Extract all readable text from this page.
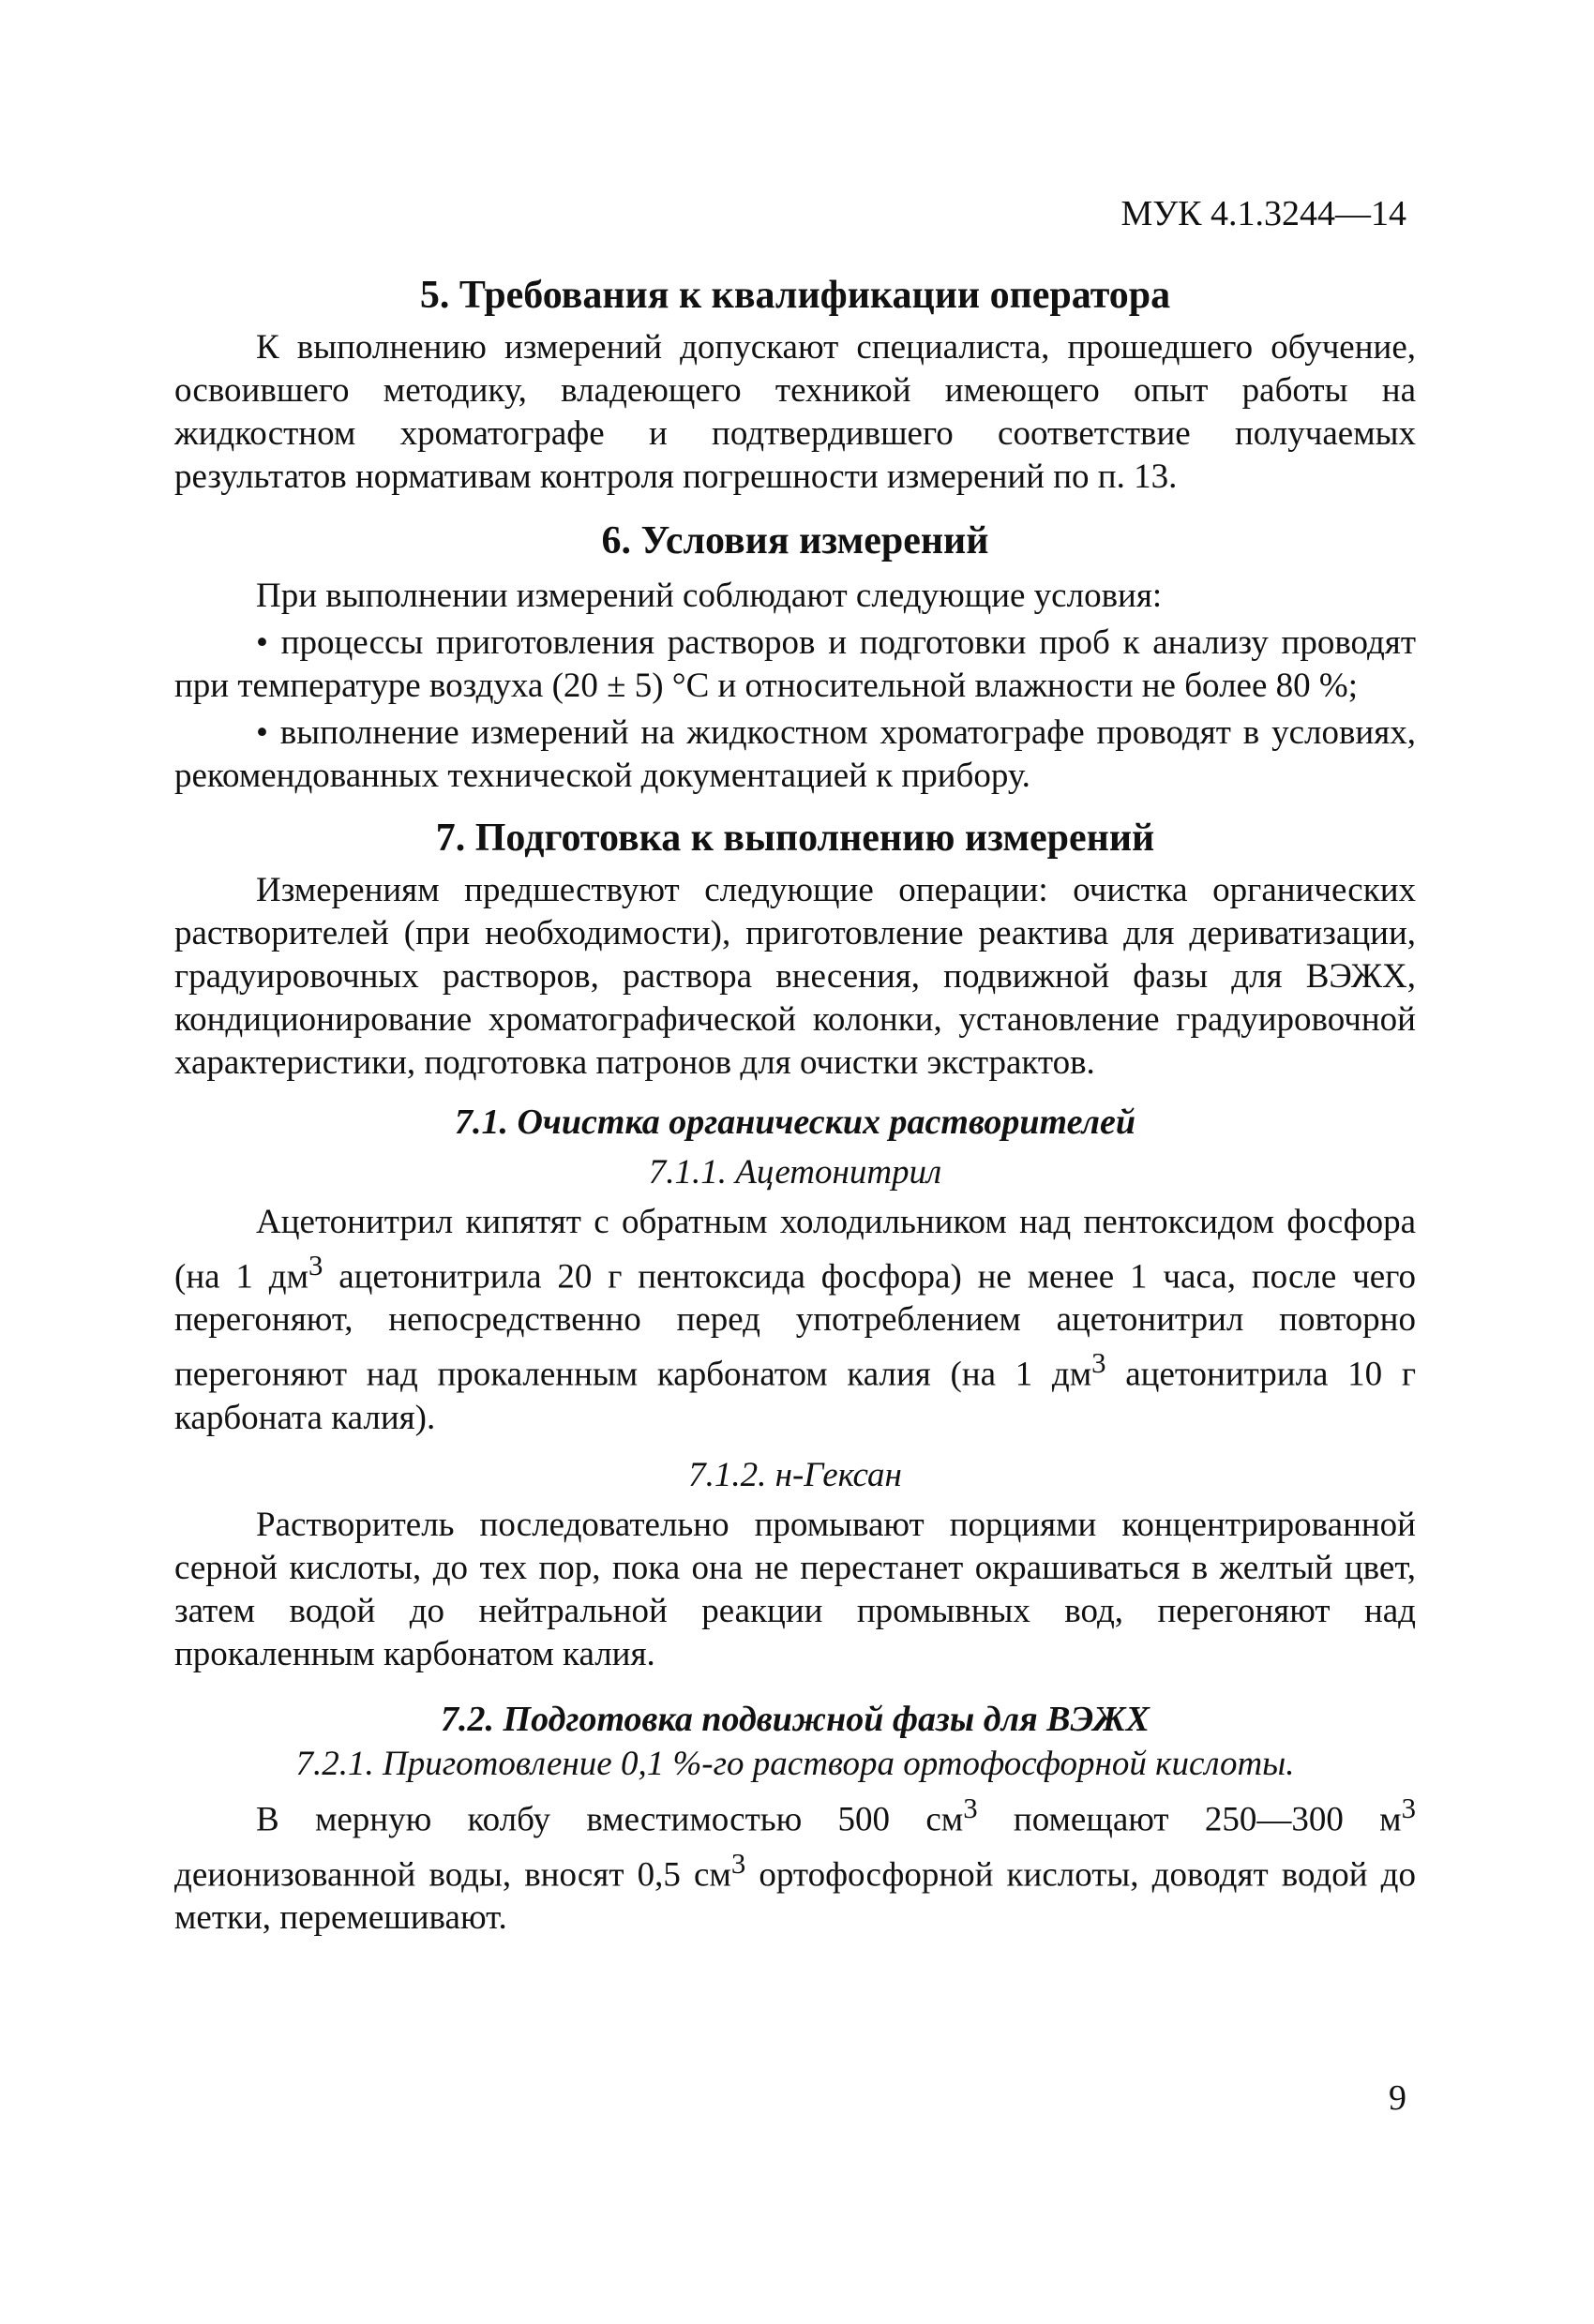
МУК 4.1.3244—14
5. Требования к квалификации оператора

К выполнению измерений допускают специалиста, прошедшего обучение, освоившего методику, владеющего техникой имеющего опыт работы на жидкостном хроматографе и подтвердившего соответствие получаемых результатов нормативам контроля погрешности измерений по п. 13.

6. Условия измерений

При выполнении измерений соблюдают следующие условия:

• процессы приготовления растворов и подготовки проб к анализу проводят при температуре воздуха (20 ± 5) °С и относительной влажности не более 80 %;

• выполнение измерений на жидкостном хроматографе проводят в условиях, рекомендованных технической документацией к прибору.

7. Подготовка к выполнению измерений

Измерениям предшествуют следующие операции: очистка органических растворителей (при необходимости), приготовление реактива для дериватизации, градуировочных растворов, раствора внесения, подвижной фазы для ВЭЖХ, кондиционирование хроматографической колонки, установление градуировочной характеристики, подготовка патронов для очистки экстрактов.

7.1. Очистка органических растворителей
7.1.1. Ацетонитрил

Ацетонитрил кипятят с обратным холодильником над пентоксидом фосфора (на 1 $дм^3$ ацетонитрила 20 г пентоксида фосфора) не менее 1 часа, после чего перегоняют, непосредственно перед употреблением ацетонитрил повторно перегоняют над прокаленным карбонатом калия (на 1 $дм^3$ ацетонитрила 10 г карбоната калия).

7.1.2. н-Гексан

Растворитель последовательно промывают порциями концентрированной серной кислоты, до тех пор, пока она не перестанет окрашиваться в желтый цвет, затем водой до нейтральной реакции промывных вод, перегоняют над прокаленным карбонатом калия.

7.2. Подготовка подвижной фазы для ВЭЖХ
7.2.1. Приготовление 0,1 %-го раствора ортофосфорной кислоты.

В мерную колбу вместимостью 500 $см^3$ помещают 250—300 $м^3$ деионизованной воды, вносят 0,5 $см^3$ ортофосфорной кислоты, доводят водой до метки, перемешивают.

9
